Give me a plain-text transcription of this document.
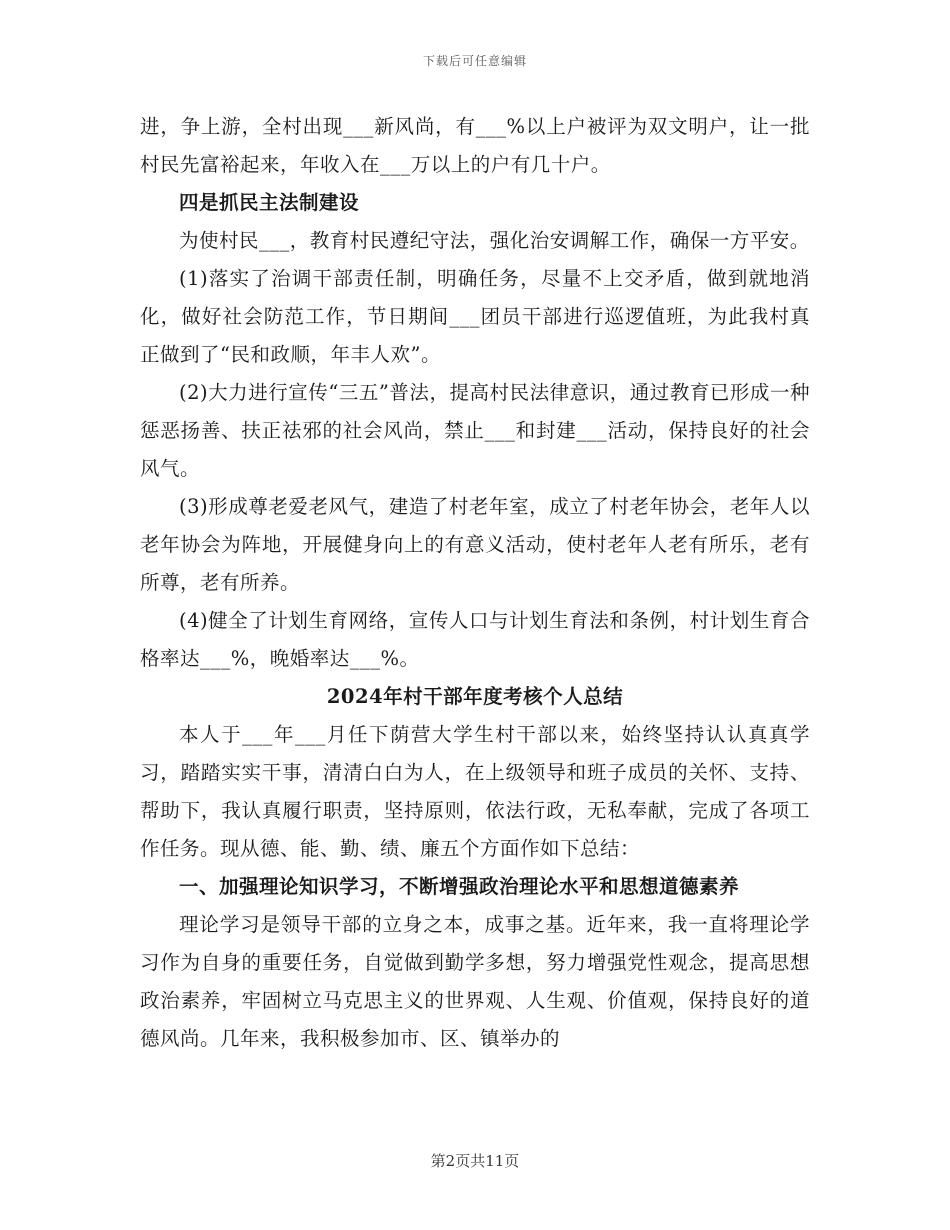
下载后可任意编辑

进，争上游，全村出现___新风尚，有___%以上户被评为双文明户，让一批村民先富裕起来，年收入在___万以上的户有几十户。

四是抓民主法制建设

为使村民___，教育村民遵纪守法，强化治安调解工作，确保一方平安。

(1)落实了治调干部责任制，明确任务，尽量不上交矛盾，做到就地消化，做好社会防范工作，节日期间___团员干部进行巡逻值班，为此我村真正做到了“民和政顺，年丰人欢”。

(2)大力进行宣传“三五”普法，提高村民法律意识，通过教育已形成一种惩恶扬善、扶正祛邪的社会风尚，禁止___和封建___活动，保持良好的社会风气。

(3)形成尊老爱老风气，建造了村老年室，成立了村老年协会，老年人以老年协会为阵地，开展健身向上的有意义活动，使村老年人老有所乐，老有所尊，老有所养。

(4)健全了计划生育网络，宣传人口与计划生育法和条例，村计划生育合格率达___%，晚婚率达___%。

2024年村干部年度考核个人总结

本人于___年___月任下荫营大学生村干部以来，始终坚持认认真真学习，踏踏实实干事，清清白白为人，在上级领导和班子成员的关怀、支持、帮助下，我认真履行职责，坚持原则，依法行政，无私奉献，完成了各项工作任务。现从德、能、勤、绩、廉五个方面作如下总结：

一、加强理论知识学习，不断增强政治理论水平和思想道德素养

理论学习是领导干部的立身之本，成事之基。近年来，我一直将理论学习作为自身的重要任务，自觉做到勤学多想，努力增强党性观念，提高思想政治素养，牢固树立马克思主义的世界观、人生观、价值观，保持良好的道德风尚。几年来，我积极参加市、区、镇举办的

第2页共11页
